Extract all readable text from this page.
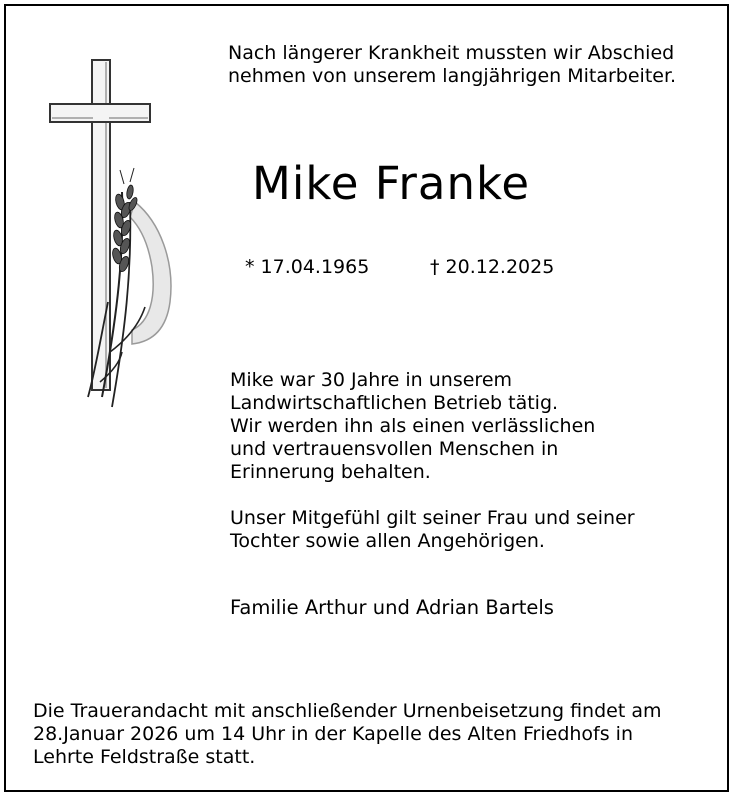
Nach längerer Krankheit mussten wir Abschied
nehmen von unserem langjährigen Mitarbeiter.
Mike Franke
* 17.04.1965	† 20.12.2025
Mike war 30 Jahre in unserem
Landwirtschaftlichen Betrieb tätig.
Wir werden ihn als einen verlässlichen
und vertrauensvollen Menschen in
Erinnerung behalten.
Unser Mitgefühl gilt seiner Frau und seiner
Tochter sowie allen Angehörigen.
Familie Arthur und Adrian Bartels
Die Trauerandacht mit anschließender Urnenbeisetzung findet am
28.Januar 2026 um 14 Uhr in der Kapelle des Alten Friedhofs in
Lehrte Feldstraße statt.
